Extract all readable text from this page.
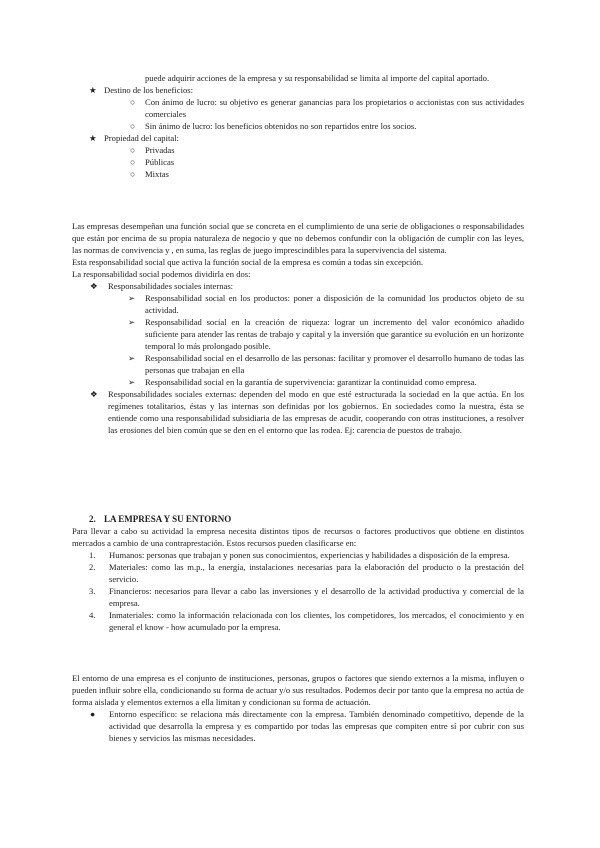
puede adquirir acciones de la empresa y su responsabilidad se limita al importe del capital aportado.
★ Destino de los beneficios:
○ Con ánimo de lucro: su objetivo es generar ganancias para los propietarios o accionistas con sus actividades comerciales
○ Sin ánimo de lucro: los beneficios obtenidos no son repartidos entre los socios.
★ Propiedad del capital:
○ Privadas
○ Públicas
○ Mixtas

Las empresas desempeñan una función social que se concreta en el cumplimiento de una serie de obligaciones o responsabilidades que están por encima de su propia naturaleza de negocio y que no debemos confundir con la obligación de cumplir con las leyes, las normas de convivencia y , en suma, las reglas de juego imprescindibles para la supervivencia del sistema.

Esta responsabilidad social que activa la función social de la empresa es común a todas sin excepción.

La responsabilidad social podemos dividirla en dos:

❖ Responsabilidades sociales internas:
➢ Responsabilidad social en los productos: poner a disposición de la comunidad los productos objeto de su actividad.
➢ Responsabilidad social en la creación de riqueza: lograr un incremento del valor económico añadido suficiente para atender las rentas de trabajo y capital y la inversión que garantice su evolución en un horizonte temporal lo más prolongado posible.
➢ Responsabilidad social en el desarrollo de las personas: facilitar y promover el desarrollo humano de todas las personas que trabajan en ella
➢ Responsabilidad social en la garantía de supervivencia: garantizar la continuidad como empresa.
❖ Responsabilidades sociales externas: dependen del modo en que esté estructurada la sociedad en la que actúa. En los regímenes totalitarios, éstas y las internas son definidas por los gobiernos. En sociedades como la nuestra, ésta se entiende como una responsabilidad subsidiaria de las empresas de acudir, cooperando con otras instituciones, a resolver las erosiones del bien común que se den en el entorno que las rodea. Ej: carencia de puestos de trabajo.
2. LA EMPRESA Y SU ENTORNO

Para llevar a cabo su actividad la empresa necesita distintos tipos de recursos o factores productivos que obtiene en distintos mercados a cambio de una contraprestación. Estos recursos pueden clasificarse en:

1. Humanos: personas que trabajan y ponen sus conocimientos, experiencias y habilidades a disposición de la empresa.
2. Materiales: como las m.p., la energía, instalaciones necesarias para la elaboración del producto o la prestación del servicio.
3. Financieros: necesarios para llevar a cabo las inversiones y el desarrollo de la actividad productiva y comercial de la empresa.
4. Inmateriales: como la información relacionada con los clientes, los competidores, los mercados, el conocimiento y en general el know - how acumulado por la empresa.

El entorno de una empresa es el conjunto de instituciones, personas, grupos o factores que siendo externos a la misma, influyen o pueden influir sobre ella, condicionando su forma de actuar y/o sus resultados. Podemos decir por tanto que la empresa no actúa de forma aislada y elementos externos a ella limitan y condicionan su forma de actuación.

● Entorno específico: se relaciona más directamente con la empresa. También denominado competitivo, depende de la actividad que desarrolla la empresa y es compartido por todas las empresas que compiten entre sí por cubrir con sus bienes y servicios las mismas necesidades.
